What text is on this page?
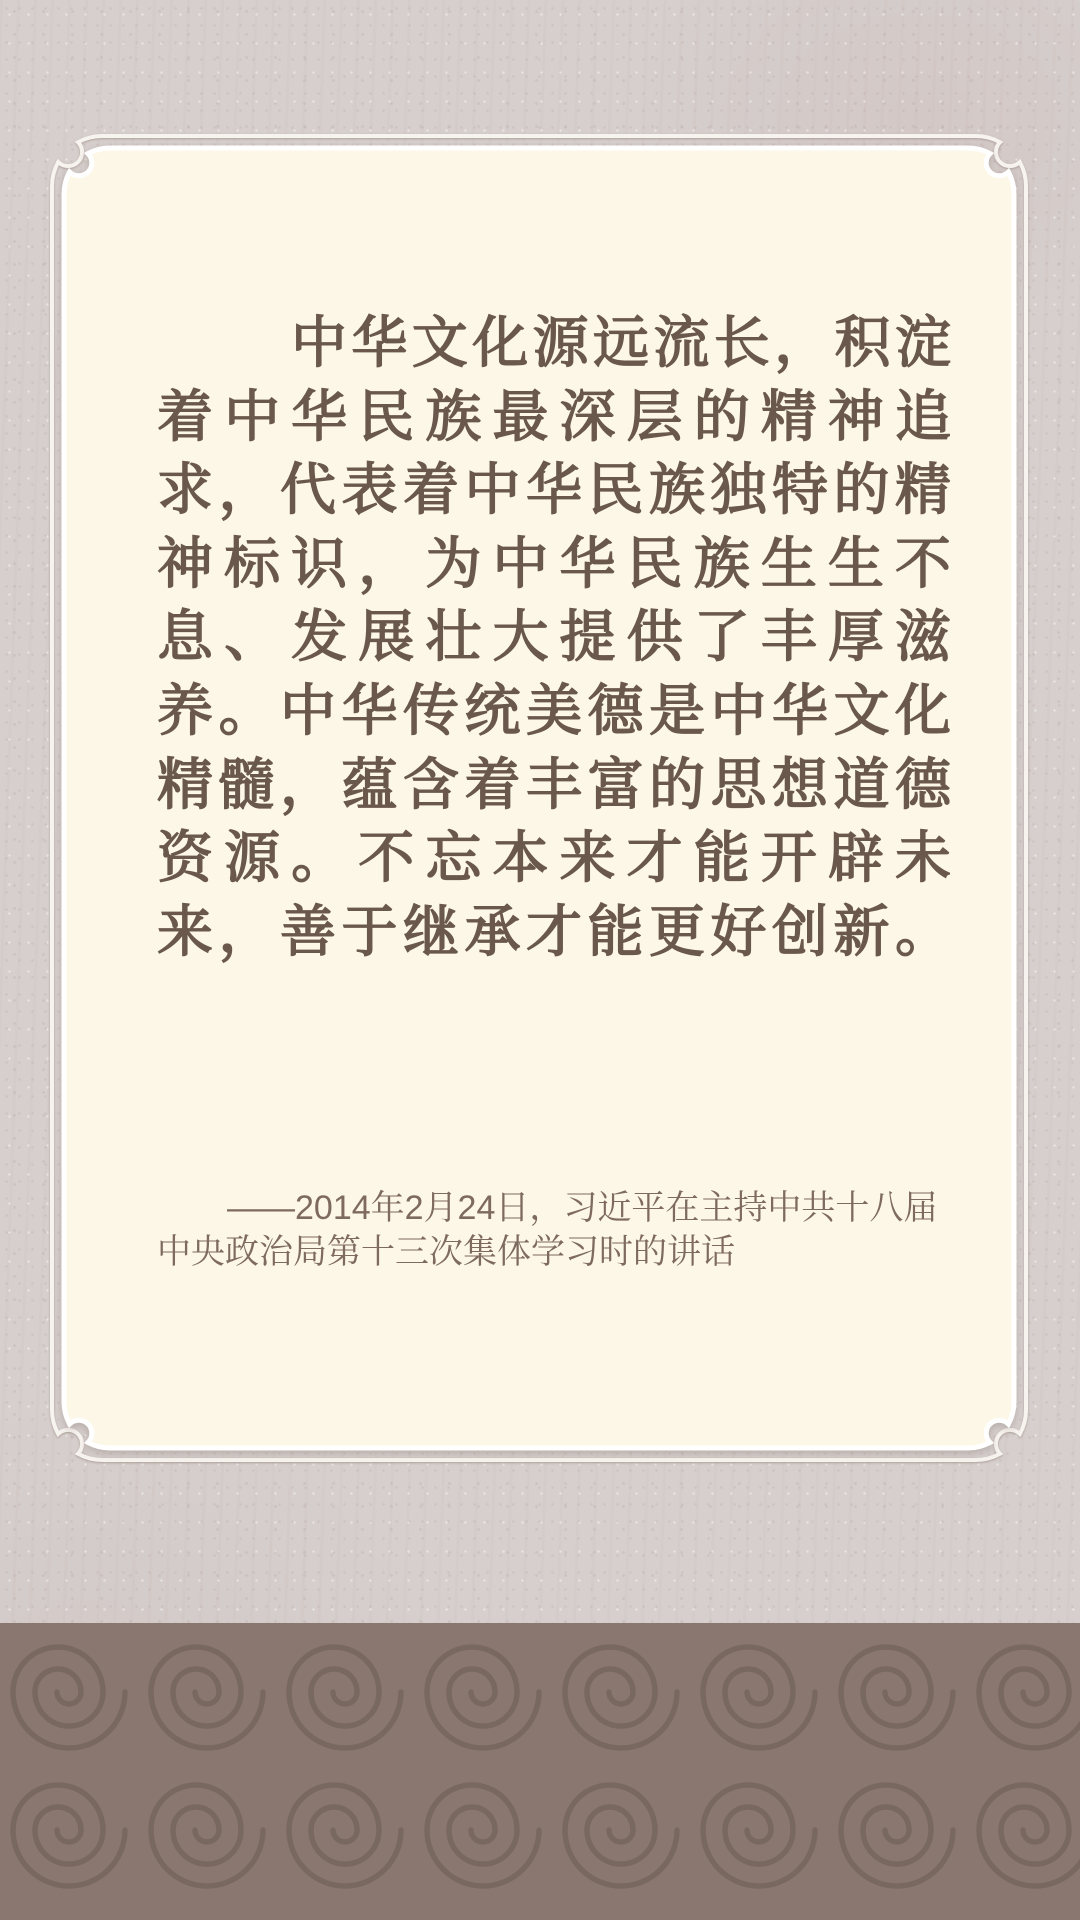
中华文化源远流长，积淀
着中华民族最深层的精神追
求，代表着中华民族独特的精
神标识，为中华民族生生不
息、发展壮大提供了丰厚滋
养。中华传统美德是中华文化
精髓，蕴含着丰富的思想道德
资源。不忘本来才能开辟未
来，善于继承才能更好创新。
——2014年2月24日，习近平在主持中共十八届
中央政治局第十三次集体学习时的讲话
